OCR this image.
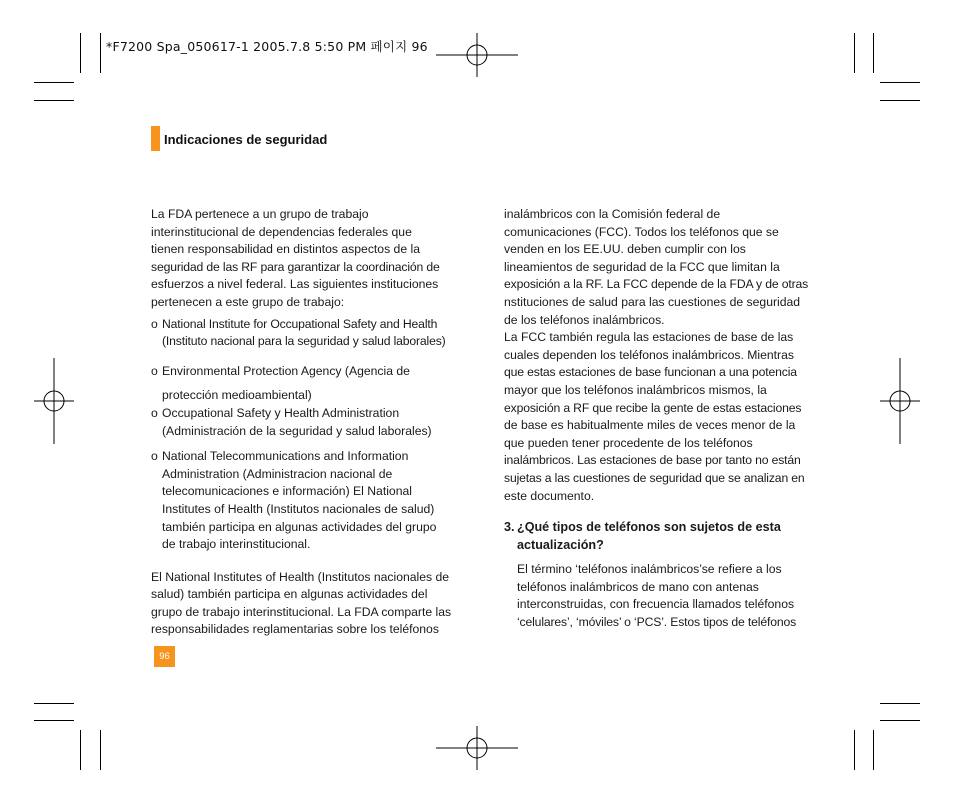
*F7200 Spa_050617-1 2005.7.8 5:50 PM 페이지 96
Indicaciones de seguridad

La FDA pertenece a un grupo de trabajo
interinstitucional de dependencias federales que
tienen responsabilidad en distintos aspectos de la
seguridad de las RF para garantizar la coordinación de
esfuerzos a nivel federal. Las siguientes instituciones
pertenecen a este grupo de trabajo:

o National Institute for Occupational Safety and Health
(Instituto nacional para la seguridad y salud laborales)
o Environmental Protection Agency (Agencia de
protección medioambiental)
o Occupational Safety y Health Administration
(Administración de la seguridad y salud laborales)
o National Telecommunications and Information
Administration (Administracion nacional de
telecomunicaciones e información) El National
Institutes of Health (Institutos nacionales de salud)
también participa en algunas actividades del grupo
de trabajo interinstitucional.

El National Institutes of Health (Institutos nacionales de
salud) también participa en algunas actividades del
grupo de trabajo interinstitucional. La FDA comparte las
responsabilidades reglamentarias sobre los teléfonos

inalámbricos con la Comisión federal de
comunicaciones (FCC). Todos los teléfonos que se
venden en los EE.UU. deben cumplir con los
lineamientos de seguridad de la FCC que limitan la
exposición a la RF. La FCC depende de la FDA y de otras
nstituciones de salud para las cuestiones de seguridad
de los teléfonos inalámbricos.

La FCC también regula las estaciones de base de las
cuales dependen los teléfonos inalámbricos. Mientras
que estas estaciones de base funcionan a una potencia
mayor que los teléfonos inalámbricos mismos, la
exposición a RF que recibe la gente de estas estaciones
de base es habitualmente miles de veces menor de la
que pueden tener procedente de los teléfonos
inalámbricos. Las estaciones de base por tanto no están
sujetas a las cuestiones de seguridad que se analizan en
este documento.

3. ¿Qué tipos de teléfonos son sujetos de esta
actualización?

El término ‘teléfonos inalámbricos’se refiere a los
teléfonos inalámbricos de mano con antenas
interconstruidas, con frecuencia llamados teléfonos
‘celulares’, ‘móviles’ o ‘PCS’. Estos tipos de teléfonos

96
